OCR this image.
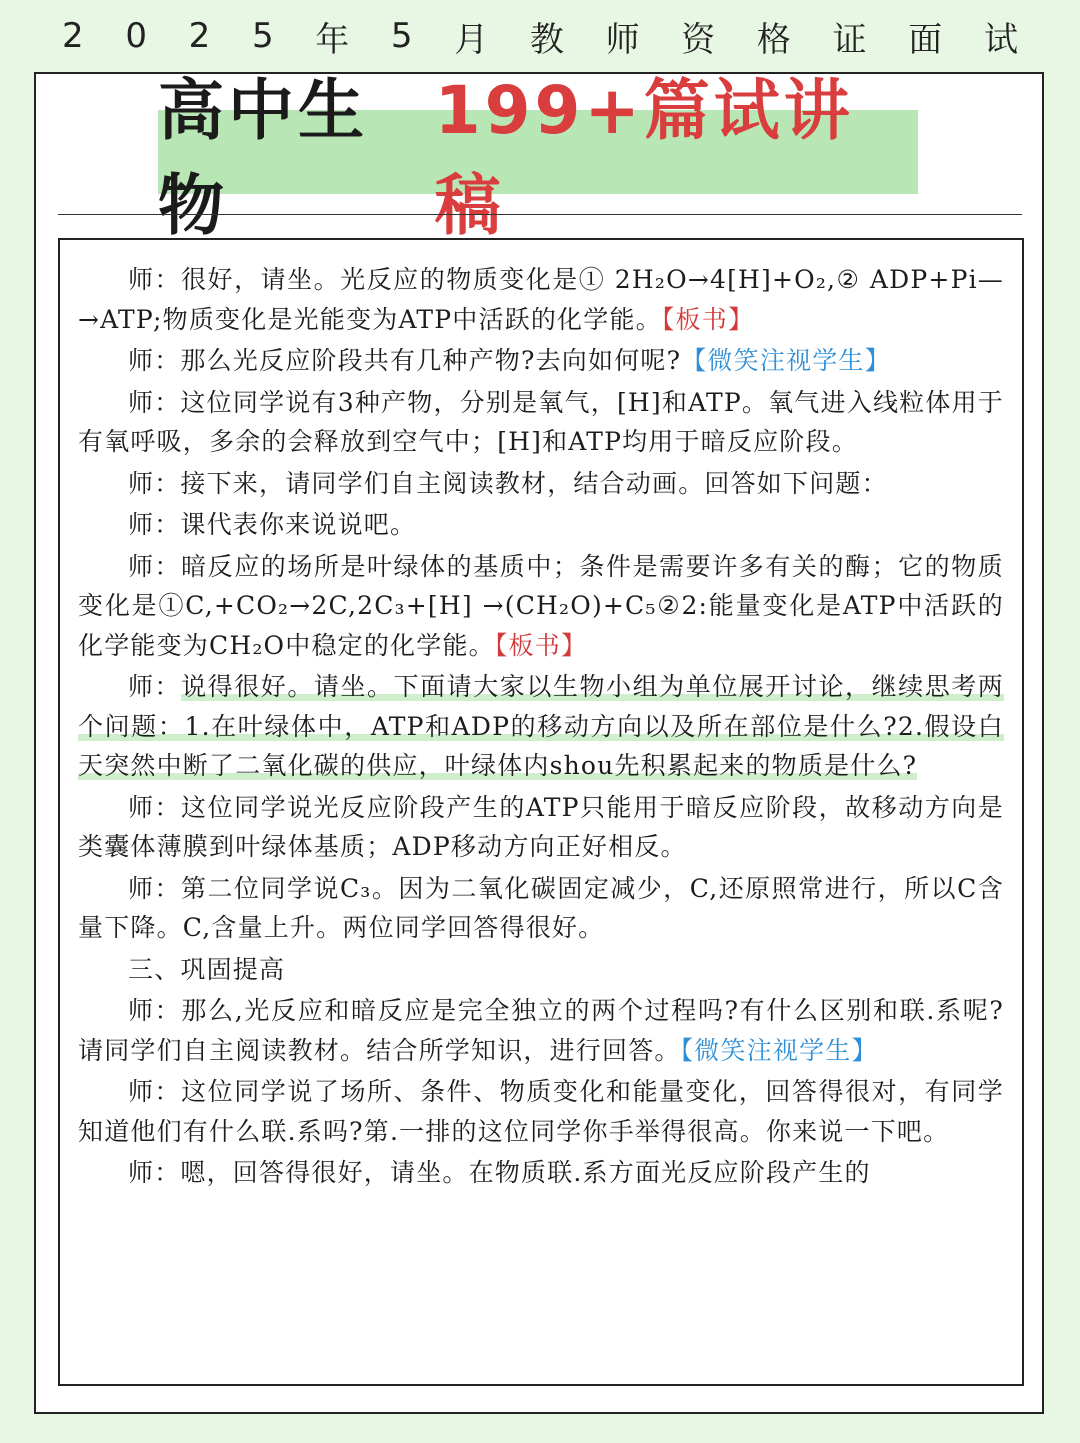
2 0 2 5 年 5 月 教 师 资 格 证 面 试
高中生物
199+篇试讲稿

师：很好，请坐。光反应的物质变化是① 2H₂O→4[H]+O₂,② ADP+Pi—→ATP;物质变化是光能变为ATP中活跃的化学能。【板书】

师：那么光反应阶段共有几种产物?去向如何呢?【微笑注视学生】

师：这位同学说有3种产物，分别是氧气，[H]和ATP。氧气进入线粒体用于有氧呼吸，多余的会释放到空气中；[H]和ATP均用于暗反应阶段。

师：接下来，请同学们自主阅读教材，结合动画。回答如下问题：

师：课代表你来说说吧。

师：暗反应的场所是叶绿体的基质中；条件是需要许多有关的酶；它的物质变化是①C,+CO₂→2C,2C₃+[H] →(CH₂O)+C₅②2:能量变化是ATP中活跃的化学能变为CH₂O中稳定的化学能。【板书】

师：说得很好。请坐。下面请大家以生物小组为单位展开讨论，继续思考两个问题：1.在叶绿体中，ATP和ADP的移动方向以及所在部位是什么?2.假设白天突然中断了二氧化碳的供应，叶绿体内shou先积累起来的物质是什么?

师：这位同学说光反应阶段产生的ATP只能用于暗反应阶段，故移动方向是类囊体薄膜到叶绿体基质；ADP移动方向正好相反。

师：第二位同学说C₃。因为二氧化碳固定减少，C,还原照常进行，所以C含量下降。C,含量上升。两位同学回答得很好。

三、巩固提高

师：那么,光反应和暗反应是完全独立的两个过程吗?有什么区别和联.系呢?请同学们自主阅读教材。结合所学知识，进行回答。【微笑注视学生】

师：这位同学说了场所、条件、物质变化和能量变化，回答得很对，有同学知道他们有什么联.系吗?第.一排的这位同学你手举得很高。你来说一下吧。

师：嗯，回答得很好，请坐。在物质联.系方面光反应阶段产生的
